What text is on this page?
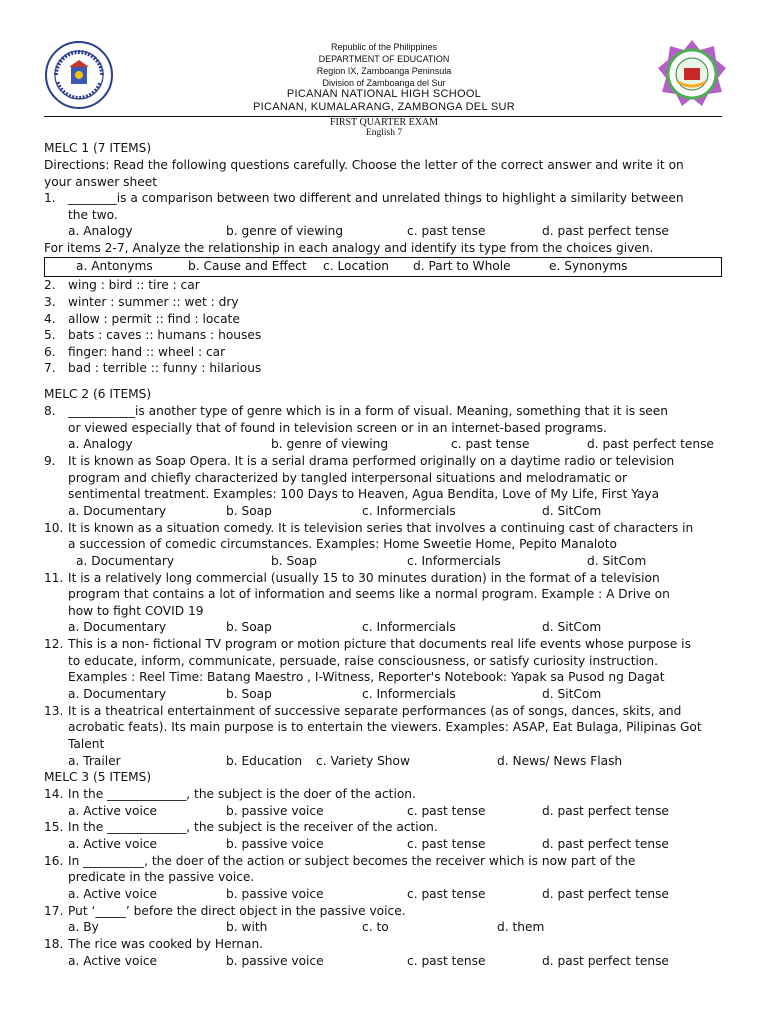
Republic of the Philippines
DEPARTMENT OF EDUCATION
Region IX, Zamboanga Peninsula
Division of Zamboanga del Sur
PICANAN NATIONAL HIGH SCHOOL
PICANAN, KUMALARANG, ZAMBONGA DEL SUR
FIRST QUARTER EXAM
English 7
MELC 1 (7 ITEMS)
Directions: Read the following questions carefully. Choose the letter of the correct answer and write it on
your answer sheet
1. ________is a comparison between two different and unrelated things to highlight a similarity between
the two.
a. Analogy	b. genre of viewing	c. past tense	d. past perfect tense
For items 2-7, Analyze the relationship in each analogy and identify its type from the choices given.
a. Antonyms	b. Cause and Effect c. Location d. Part to Whole	e. Synonyms
2. wing : bird :: tire : car
3. winter : summer :: wet : dry
4. allow : permit :: find : locate
5. bats : caves :: humans : houses
6. finger: hand :: wheel : car
7. bad : terrible :: funny : hilarious
MELC 2 (6 ITEMS)
8. ___________is another type of genre which is in a form of visual. Meaning, something that it is seen
or viewed especially that of found in television screen or in an internet-based programs.
a. Analogy	b. genre of viewing	c. past tense	d. past perfect tense
9. It is known as Soap Opera. It is a serial drama performed originally on a daytime radio or television
program and chiefly characterized by tangled interpersonal situations and melodramatic or
sentimental treatment. Examples: 100 Days to Heaven, Agua Bendita, Love of My Life, First Yaya
a. Documentary	b. Soap	c. Informercials	d. SitCom
10. It is known as a situation comedy. It is television series that involves a continuing cast of characters in
a succession of comedic circumstances. Examples: Home Sweetie Home, Pepito Manaloto
a. Documentary	b. Soap	c. Informercials	d. SitCom
11. It is a relatively long commercial (usually 15 to 30 minutes duration) in the format of a television
program that contains a lot of information and seems like a normal program. Example : A Drive on
how to fight COVID 19
a. Documentary	b. Soap	c. Informercials	d. SitCom
12. This is a non- fictional TV program or motion picture that documents real life events whose purpose is
to educate, inform, communicate, persuade, raise consciousness, or satisfy curiosity instruction.
Examples : Reel Time: Batang Maestro , I-Witness, Reporter's Notebook: Yapak sa Pusod ng Dagat
a. Documentary	b. Soap	c. Informercials	d. SitCom
13. It is a theatrical entertainment of successive separate performances (as of songs, dances, skits, and
acrobatic feats). Its main purpose is to entertain the viewers. Examples: ASAP, Eat Bulaga, Pilipinas Got
Talent
a. Trailer	b. Education c. Variety Show	d. News/ News Flash
MELC 3 (5 ITEMS)
14. In the _____________, the subject is the doer of the action.
a. Active voice	b. passive voice	c. past tense	d. past perfect tense
15. In the _____________, the subject is the receiver of the action.
a. Active voice	b. passive voice	c. past tense	d. past perfect tense
16. In __________, the doer of the action or subject becomes the receiver which is now part of the
predicate in the passive voice.
a. Active voice	b. passive voice	c. past tense	d. past perfect tense
17. Put ‘_____’ before the direct object in the passive voice.
a. By	b. with	c. to	d. them
18. The rice was cooked by Hernan.
a. Active voice	b. passive voice	c. past tense	d. past perfect tense
